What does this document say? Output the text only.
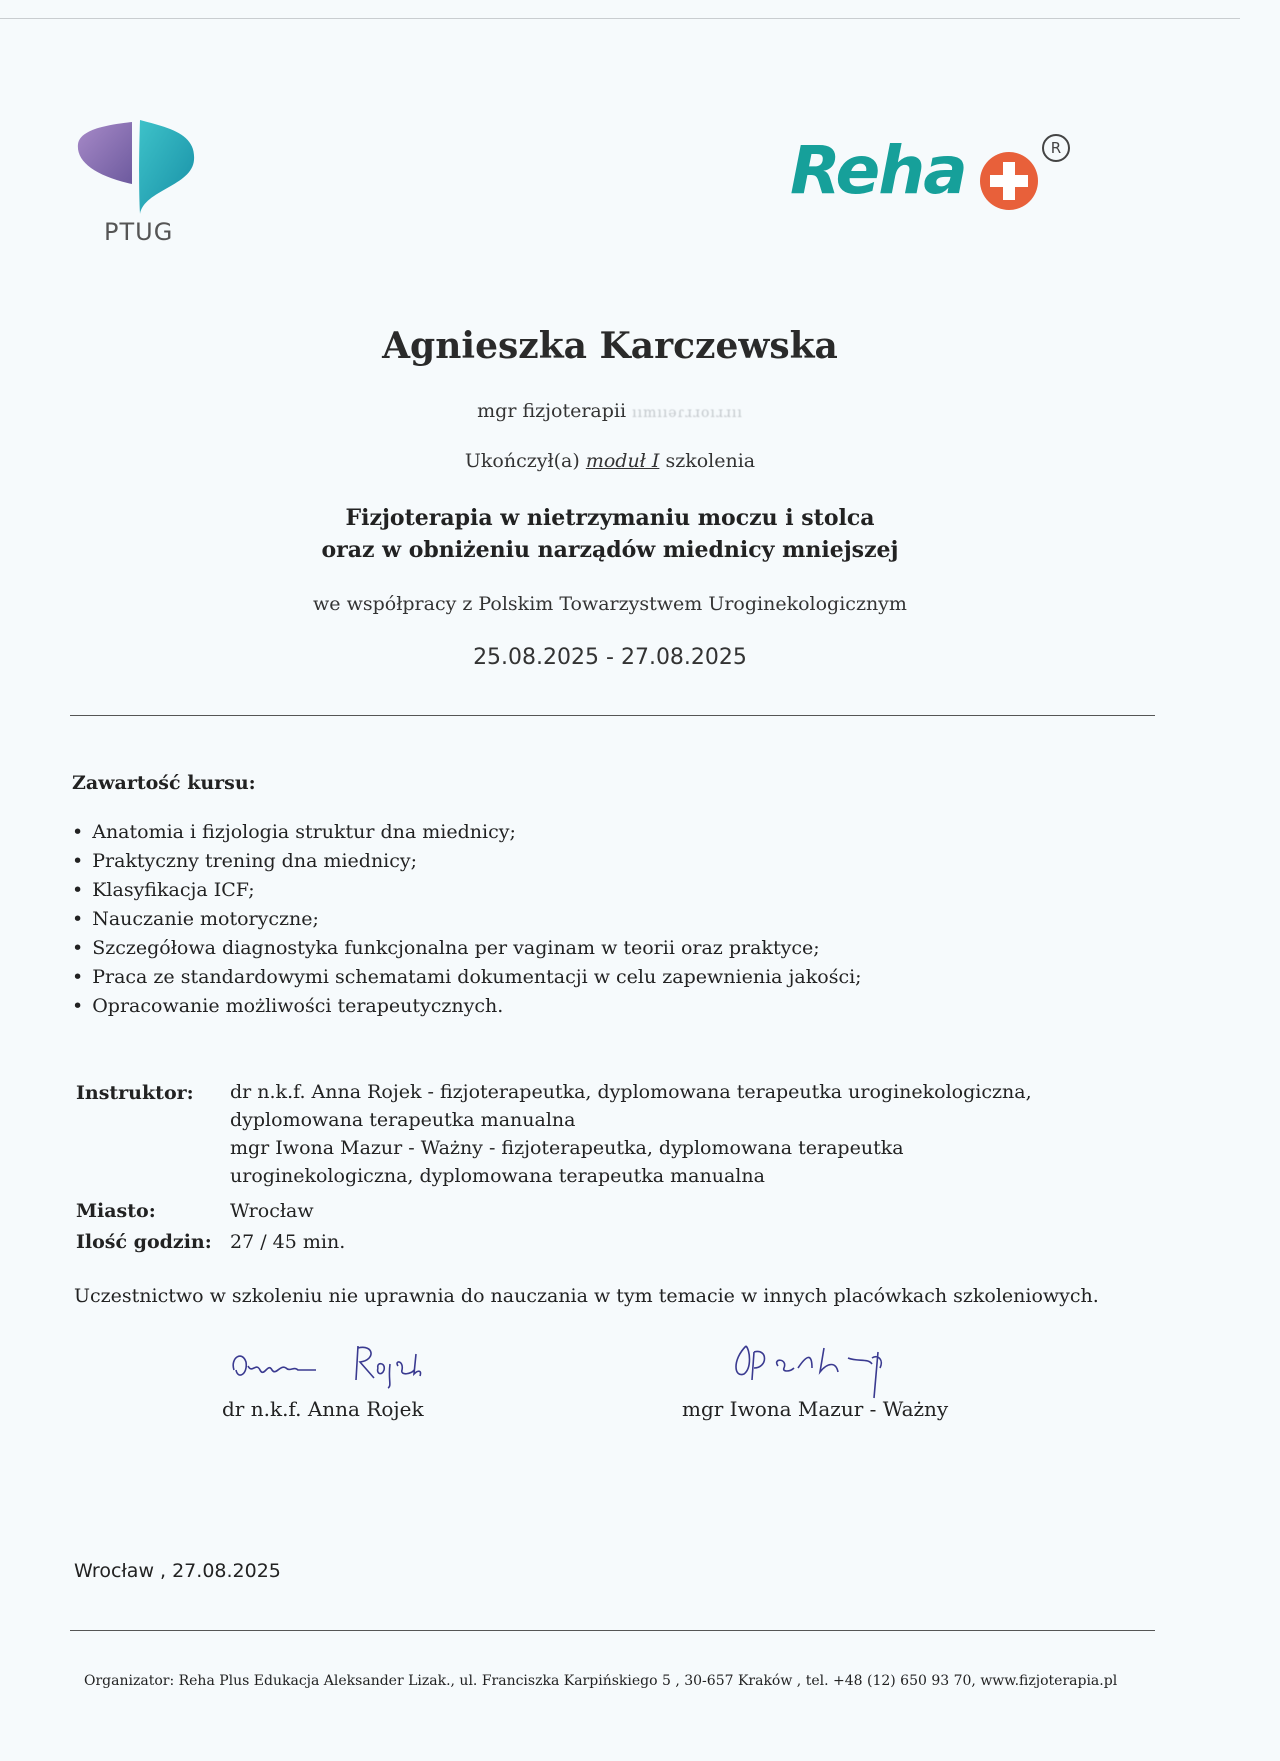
PTUG
Reha	R
Agnieszka Karczewska
mgr fizjoterapii ıımııəɾɹɹoıɹɹıı
Ukończył(a) moduł I szkolenia
Fizjoterapia w nietrzymaniu moczu i stolca
oraz w obniżeniu narządów miednicy mniejszej
we współpracy z Polskim Towarzystwem Uroginekologicznym
25.08.2025 - 27.08.2025
Zawartość kursu:
• Anatomia i fizjologia struktur dna miednicy;
• Praktyczny trening dna miednicy;
• Klasyfikacja ICF;
• Nauczanie motoryczne;
• Szczegółowa diagnostyka funkcjonalna per vaginam w teorii oraz praktyce;
• Praca ze standardowymi schematami dokumentacji w celu zapewnienia jakości;
• Opracowanie możliwości terapeutycznych.
Instruktor: dr n.k.f. Anna Rojek - fizjoterapeutka, dyplomowana terapeutka uroginekologiczna,
dyplomowana terapeutka manualna
mgr Iwona Mazur - Ważny - fizjoterapeutka, dyplomowana terapeutka
uroginekologiczna, dyplomowana terapeutka manualna
Miasto:	Wrocław
Ilość godzin: 27 / 45 min.
Uczestnictwo w szkoleniu nie uprawnia do nauczania w tym temacie w innych placówkach szkoleniowych.
dr n.k.f. Anna Rojek	mgr Iwona Mazur - Ważny
Wrocław , 27.08.2025
Organizator: Reha Plus Edukacja Aleksander Lizak., ul. Franciszka Karpińskiego 5 , 30-657 Kraków , tel. +48 (12) 650 93 70, www.fizjoterapia.pl
